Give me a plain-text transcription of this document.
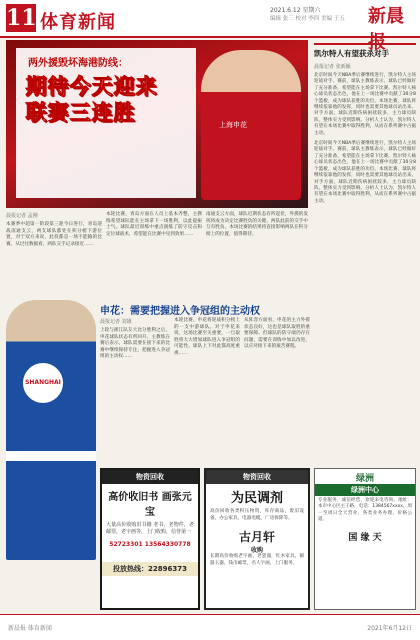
11 体育新闻
2021.6.12 星期六
编辑 张三 校对 李四 美编 王五 新晨报
两外援毁坏海港防线：
期待今天迎来
联赛三连胜	上海申花
晨报记者 孟刚
本赛季中超第一阶段第三轮今日进行，青岛迎战南通支云，两支球队都处在积分榜下游位置，对于双方来说，此役都是一场不能输的比赛。从过往数据看，两队交手记录接近……
本轮比赛，青岛方面在人员上基本齐整，主教练希望球队能在主场拿下一场胜利，以此提振士气。球队最近训练中重点演练了防守反击和定位球战术，希望能在比赛中见到效果……
南通支云方面，球队近期状态有所起伏，外援的发挥将成为决定比赛胜负的关键。两队此前的交手中互有胜负，本场比赛的结果将直接影响两队在积分榜上的位置，值得期待。
凯尔特人有望获杀对手
晨报记者 张新颖
北京时间今天NBA季后赛继续进行，凯尔特人主场迎战对手。赛前，球队主教练表示，球队已经做好了充分准备，希望能在主场拿下比赛。凯尔特人核心球员状态出色，他在上一场比赛中贡献了30分8个篮板，成为球队获胜的功臣。本场比赛，球队将继续依靠他的发挥，同时也需要其他球员站出来。对手方面，球队近期伤病困扰较多，主力球员缺阵，整体实力受到影响。分析人士认为，凯尔特人有望在本场比赛中取得胜利，从而在系列赛中占据主动。
北京时间今天NBA季后赛继续进行，凯尔特人主场迎战对手。赛前，球队主教练表示，球队已经做好了充分准备，希望能在主场拿下比赛。凯尔特人核心球员状态出色，他在上一场比赛中贡献了30分8个篮板，成为球队获胜的功臣。本场比赛，球队将继续依靠他的发挥，同时也需要其他球员站出来。对手方面，球队近期伤病困扰较多，主力球员缺阵，整体实力受到影响。分析人士认为，凯尔特人有望在本场比赛中取得胜利，从而在系列赛中占据主动。
SHANGHAI
申花：需要把握进入争冠组的主动权
晨报记者 刘雄
上轮与浙江队友大比分胜利之后，申花球队状态有所回升。主教练在赛后表示，球队需要在接下来的比赛中继续保持专注，把握进入争冠组的主动权……
本轮比赛，申花将迎战积分榜上的一支中游球队。对于申花来说，这场比赛至关重要，一旦取胜将大大增加球队进入争冠组的可能性。球队上下对此都高度重视……
从阵容方面看，申花的主力外援状态良好，这也是球队取胜的重要保障。但球队的防守端仍存在问题，需要在训练中加以改进，以应对接下来的艰苦赛程。
物资回收
高价收旧书 画张元宝
大量高价收购旧书籍 老书，老物件，老邮票，老字画等，上门收购，信誉第一
52723301 13564330778
投放热线：22896373
物资回收
为民调剂
高价回收各类积压物资，库存商品，废旧设备，办公家具，电器电缆，厂房拆除等。
古月轩
收购
长期高价收购老字画，老瓷器，红木家具，铜器玉器，钱币邮票，名人字画，上门服务。
绿洲
绿洲中心
专业服务，诚信经营，欢迎来电咨询。地址：本市中心区主干路，电话：1384567xxxx，周一至周日全天营业，各类业务办理，价格公道。
国 缘 天
新晨报 体育新闻	2021年6月12日
